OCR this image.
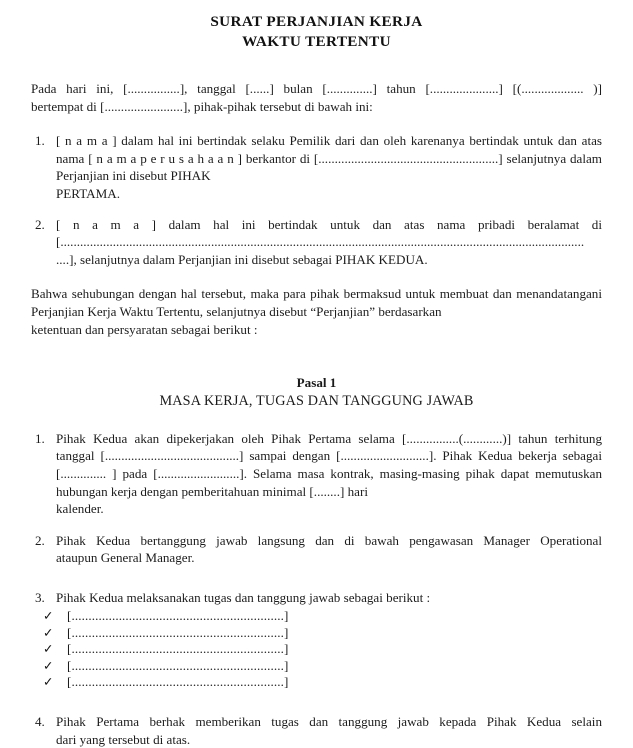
SURAT PERJANJIAN KERJA
WAKTU TERTENTU
Pada hari ini, [................], tanggal [......] bulan [..............] tahun [.....................] [(................... )]
bertempat di [........................], pihak-pihak tersebut di bawah ini:
1. [ n a m a ] dalam hal ini bertindak selaku Pemilik dari dan oleh karenanya bertindak untuk dan atas nama [ n a m a p e r u s a h a a n ] berkantor di [.......................................................] selanjutnya dalam Perjanjian ini disebut PIHAK
PERTAMA.
2. [ n a m a ] dalam hal ini bertindak untuk dan atas nama pribadi beralamat di [................................................................................................................................................................
....], selanjutnya dalam Perjanjian ini disebut sebagai PIHAK KEDUA.
Bahwa sehubungan dengan hal tersebut, maka para pihak bermaksud untuk membuat dan menandatangani Perjanjian Kerja Waktu Tertentu, selanjutnya disebut “Perjanjian” berdasarkan
ketentuan dan persyaratan sebagai berikut :
Pasal 1
MASA KERJA, TUGAS DAN TANGGUNG JAWAB
1. Pihak Kedua akan dipekerjakan oleh Pihak Pertama selama [................(............)] tahun terhitung tanggal [.........................................] sampai dengan [...........................]. Pihak Kedua bekerja sebagai [.............. ] pada [.........................]. Selama masa kontrak, masing-masing pihak dapat memutuskan hubungan kerja dengan pemberitahuan minimal [........] hari
kalender.
2. Pihak Kedua bertanggung jawab langsung dan di bawah pengawasan Manager Operational
ataupun General Manager.
3. Pihak Kedua melaksanakan tugas dan tanggung jawab sebagai berikut :
✓ [...............................................................]
✓ [...............................................................]
✓ [...............................................................]
✓ [...............................................................]
✓ [...............................................................]
4. Pihak Pertama berhak memberikan tugas dan tanggung jawab kepada Pihak Kedua selain
dari yang tersebut di atas.
